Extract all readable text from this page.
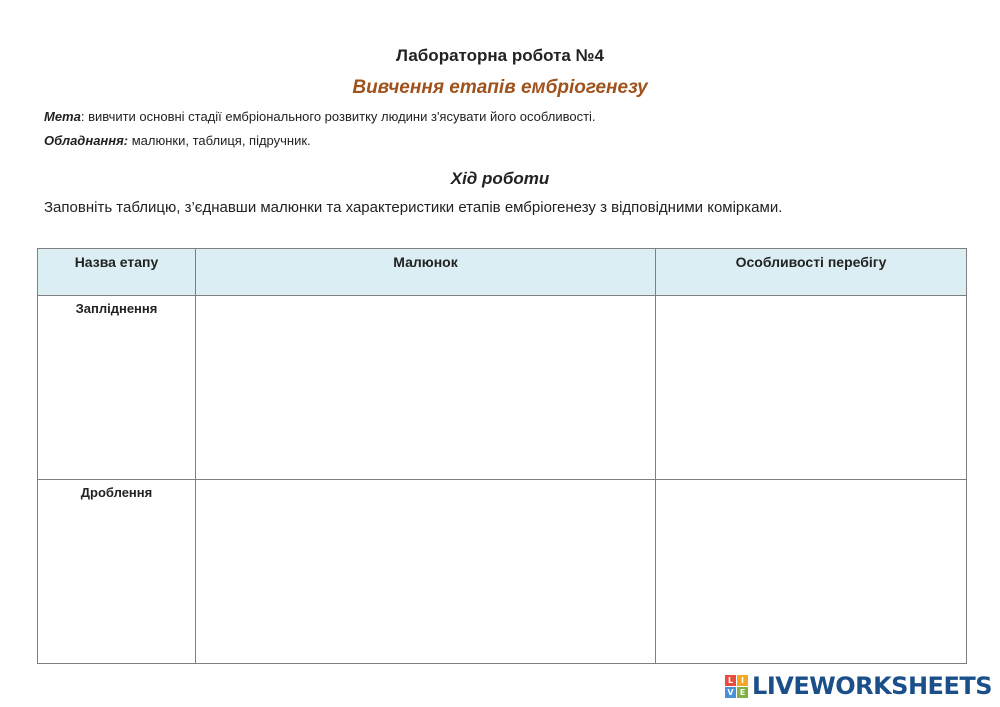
Лабораторна робота №4
Вивчення етапів ембріогенезу
Мета: вивчити основні стадії ембріонального розвитку людини з'ясувати його особливості.
Обладнання: малюнки, таблиця, підручник.
Хід роботи
Заповніть таблицю, з’єднавши малюнки та характеристики етапів ембріогенезу з відповідними комірками.
Назва етапу	Малюнок	Особливості перебігу

Запліднення		

Дроблення		

L I
V E LIVEWORKSHEETS
